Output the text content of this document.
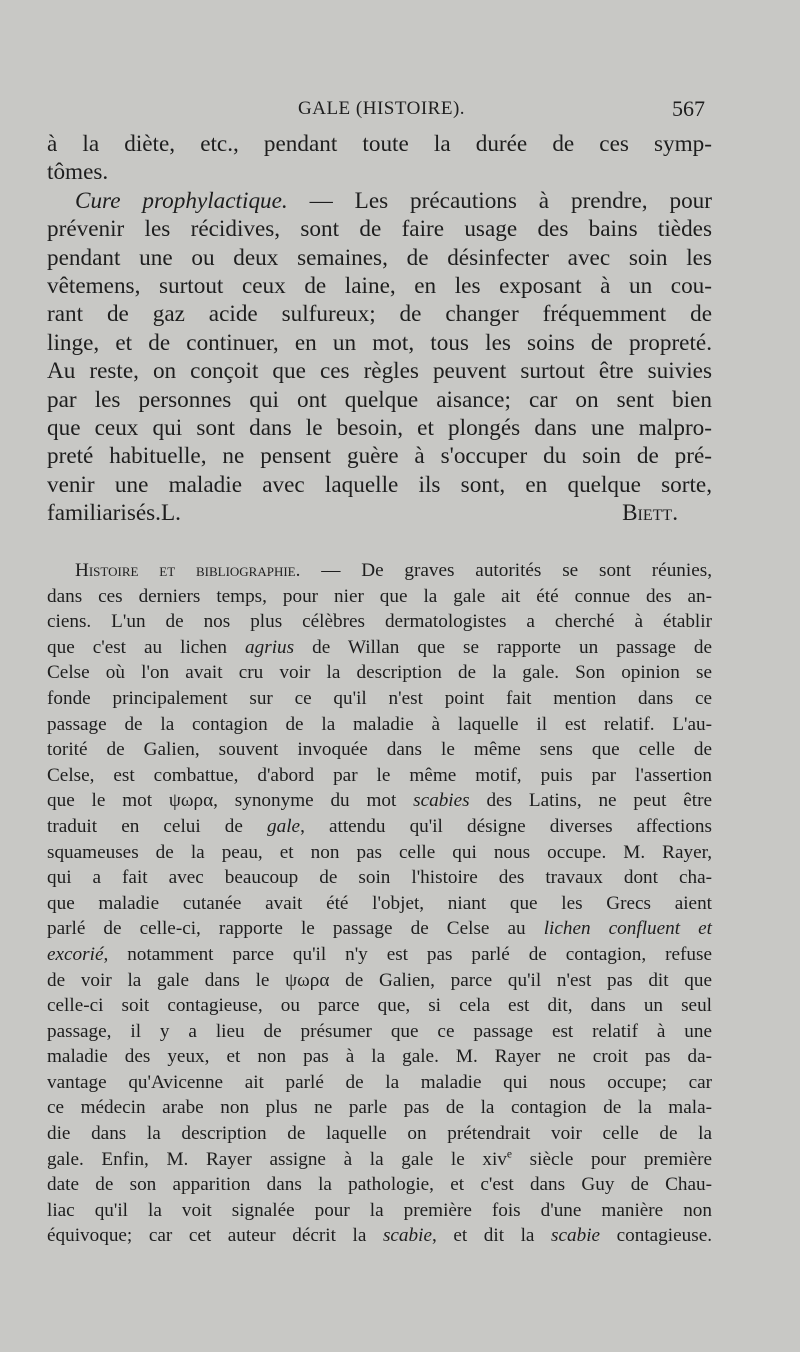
GALE (HISTOIRE).	567
à la diète, etc., pendant toute la durée de ces symp-
tômes.
Cure prophylactique. — Les précautions à prendre, pour
prévenir les récidives, sont de faire usage des bains tièdes
pendant une ou deux semaines, de désinfecter avec soin les
vêtemens, surtout ceux de laine, en les exposant à un cou-
rant de gaz acide sulfureux; de changer fréquemment de
linge, et de continuer, en un mot, tous les soins de propreté.
Au reste, on conçoit que ces règles peuvent surtout être suivies
par les personnes qui ont quelque aisance; car on sent bien
que ceux qui sont dans le besoin, et plongés dans une malpro-
preté habituelle, ne pensent guère à s'occuper du soin de pré-
venir une maladie avec laquelle ils sont, en quelque sorte,
familiarisés.L. Biett.
Histoire et bibliographie. — De graves autorités se sont réunies,
dans ces derniers temps, pour nier que la gale ait été connue des an-
ciens. L'un de nos plus célèbres dermatologistes a cherché à établir
que c'est au lichen agrius de Willan que se rapporte un passage de
Celse où l'on avait cru voir la description de la gale. Son opinion se
fonde principalement sur ce qu'il n'est point fait mention dans ce
passage de la contagion de la maladie à laquelle il est relatif. L'au-
torité de Galien, souvent invoquée dans le même sens que celle de
Celse, est combattue, d'abord par le même motif, puis par l'assertion
que le mot ψωρα, synonyme du mot scabies des Latins, ne peut être
traduit en celui de gale, attendu qu'il désigne diverses affections
squameuses de la peau, et non pas celle qui nous occupe. M. Rayer,
qui a fait avec beaucoup de soin l'histoire des travaux dont cha-
que maladie cutanée avait été l'objet, niant que les Grecs aient
parlé de celle-ci, rapporte le passage de Celse au lichen confluent et
excorié, notamment parce qu'il n'y est pas parlé de contagion, refuse
de voir la gale dans le ψωρα de Galien, parce qu'il n'est pas dit que
celle-ci soit contagieuse, ou parce que, si cela est dit, dans un seul
passage, il y a lieu de présumer que ce passage est relatif à une
maladie des yeux, et non pas à la gale. M. Rayer ne croit pas da-
vantage qu'Avicenne ait parlé de la maladie qui nous occupe; car
ce médecin arabe non plus ne parle pas de la contagion de la mala-
die dans la description de laquelle on prétendrait voir celle de la
gale. Enfin, M. Rayer assigne à la gale le xiv$^e$ siècle pour première
date de son apparition dans la pathologie, et c'est dans Guy de Chau-
liac qu'il la voit signalée pour la première fois d'une manière non
équivoque; car cet auteur décrit la scabie, et dit la scabie contagieuse.
